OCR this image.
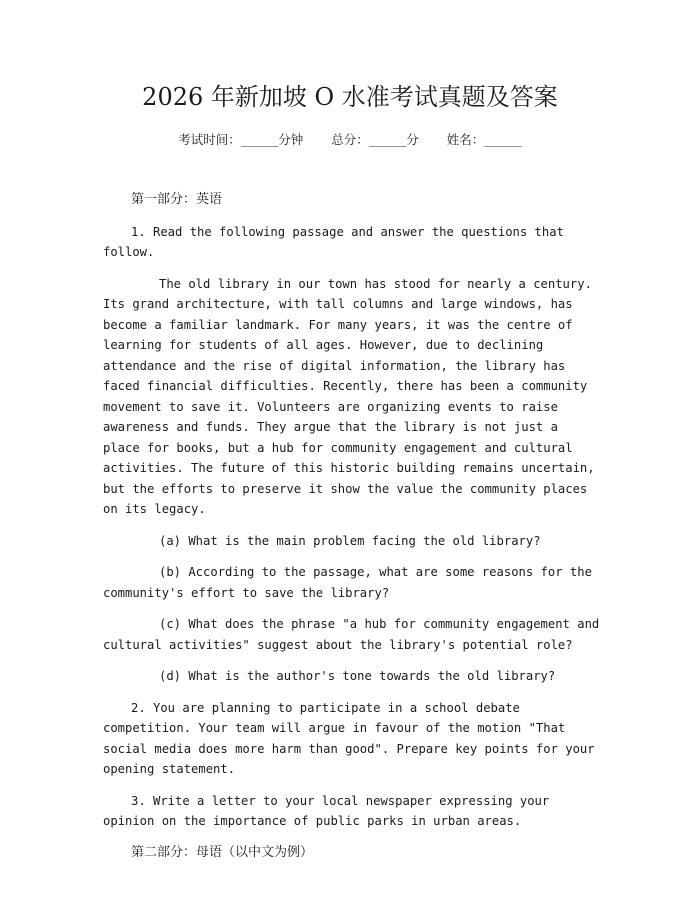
2026 年新加坡 O 水准考试真题及答案
考试时间：______分钟 总分：______分 姓名：______

第一部分：英语

1. Read the following passage and answer the questions that follow.

The old library in our town has stood for nearly a century. Its grand architecture, with tall columns and large windows, has become a familiar landmark. For many years, it was the centre of learning for students of all ages. However, due to declining attendance and the rise of digital information, the library has faced financial difficulties. Recently, there has been a community movement to save it. Volunteers are organizing events to raise awareness and funds. They argue that the library is not just a place for books, but a hub for community engagement and cultural activities. The future of this historic building remains uncertain, but the efforts to preserve it show the value the community places on its legacy.

(a) What is the main problem facing the old library?

(b) According to the passage, what are some reasons for the community's effort to save the library?

(c) What does the phrase "a hub for community engagement and cultural activities" suggest about the library's potential role?

(d) What is the author's tone towards the old library?

2. You are planning to participate in a school debate competition. Your team will argue in favour of the motion "That social media does more harm than good". Prepare key points for your opening statement.

3. Write a letter to your local newspaper expressing your opinion on the importance of public parks in urban areas.

第二部分：母语（以中文为例）
